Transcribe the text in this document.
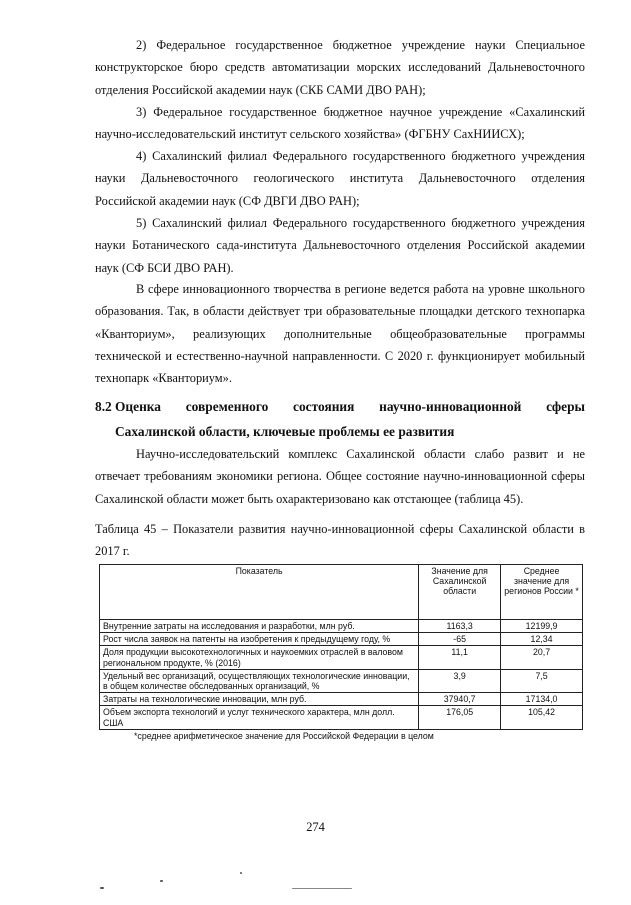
2) Федеральное государственное бюджетное учреждение науки Специальное конструкторское бюро средств автоматизации морских исследований Дальневосточного отделения Российской академии наук (СКБ САМИ ДВО РАН);

3) Федеральное государственное бюджетное научное учреждение «Сахалинский научно-исследовательский институт сельского хозяйства» (ФГБНУ СахНИИСХ);

4) Сахалинский филиал Федерального государственного бюджетного учреждения науки Дальневосточного геологического института Дальневосточного отделения Российской академии наук (СФ ДВГИ ДВО РАН);

5) Сахалинский филиал Федерального государственного бюджетного учреждения науки Ботанического сада-института Дальневосточного отделения Российской академии наук (СФ БСИ ДВО РАН).

В сфере инновационного творчества в регионе ведется работа на уровне школьного образования. Так, в области действует три образовательные площадки детского технопарка «Кванториум», реализующих дополнительные общеобразовательные программы технической и естественно-научной направленности. С 2020 г. функционирует мобильный технопарк «Кванториум».

8.2 Оценка современного состояния научно-инновационной сферы
Сахалинской области, ключевые проблемы ее развития

Научно-исследовательский комплекс Сахалинской области слабо развит и не отвечает требованиям экономики региона. Общее состояние научно-инновационной сферы Сахалинской области может быть охарактеризовано как отстающее (таблица 45).

Таблица 45 – Показатели развития научно-инновационной сферы Сахалинской области в 2017 г.
Показатель	Значение для Сахалинской области	Среднее значение для регионов России *
Внутренние затраты на исследования и разработки, млн руб.	1163,3	12199,9
Рост числа заявок на патенты на изобретения к предыдущему году, %	-65	12,34
Доля продукции высокотехнологичных и наукоемких отраслей в валовом региональном продукте, % (2016)	11,1	20,7
Удельный вес организаций, осуществляющих технологические инновации, в общем количестве обследованных организаций, %	3,9	7,5
Затраты на технологические инновации, млн руб.	37940,7	17134,0
Объем экспорта технологий и услуг технического характера, млн долл. США	176,05	105,42
*среднее арифметическое значение для Российской Федерации в целом
274
